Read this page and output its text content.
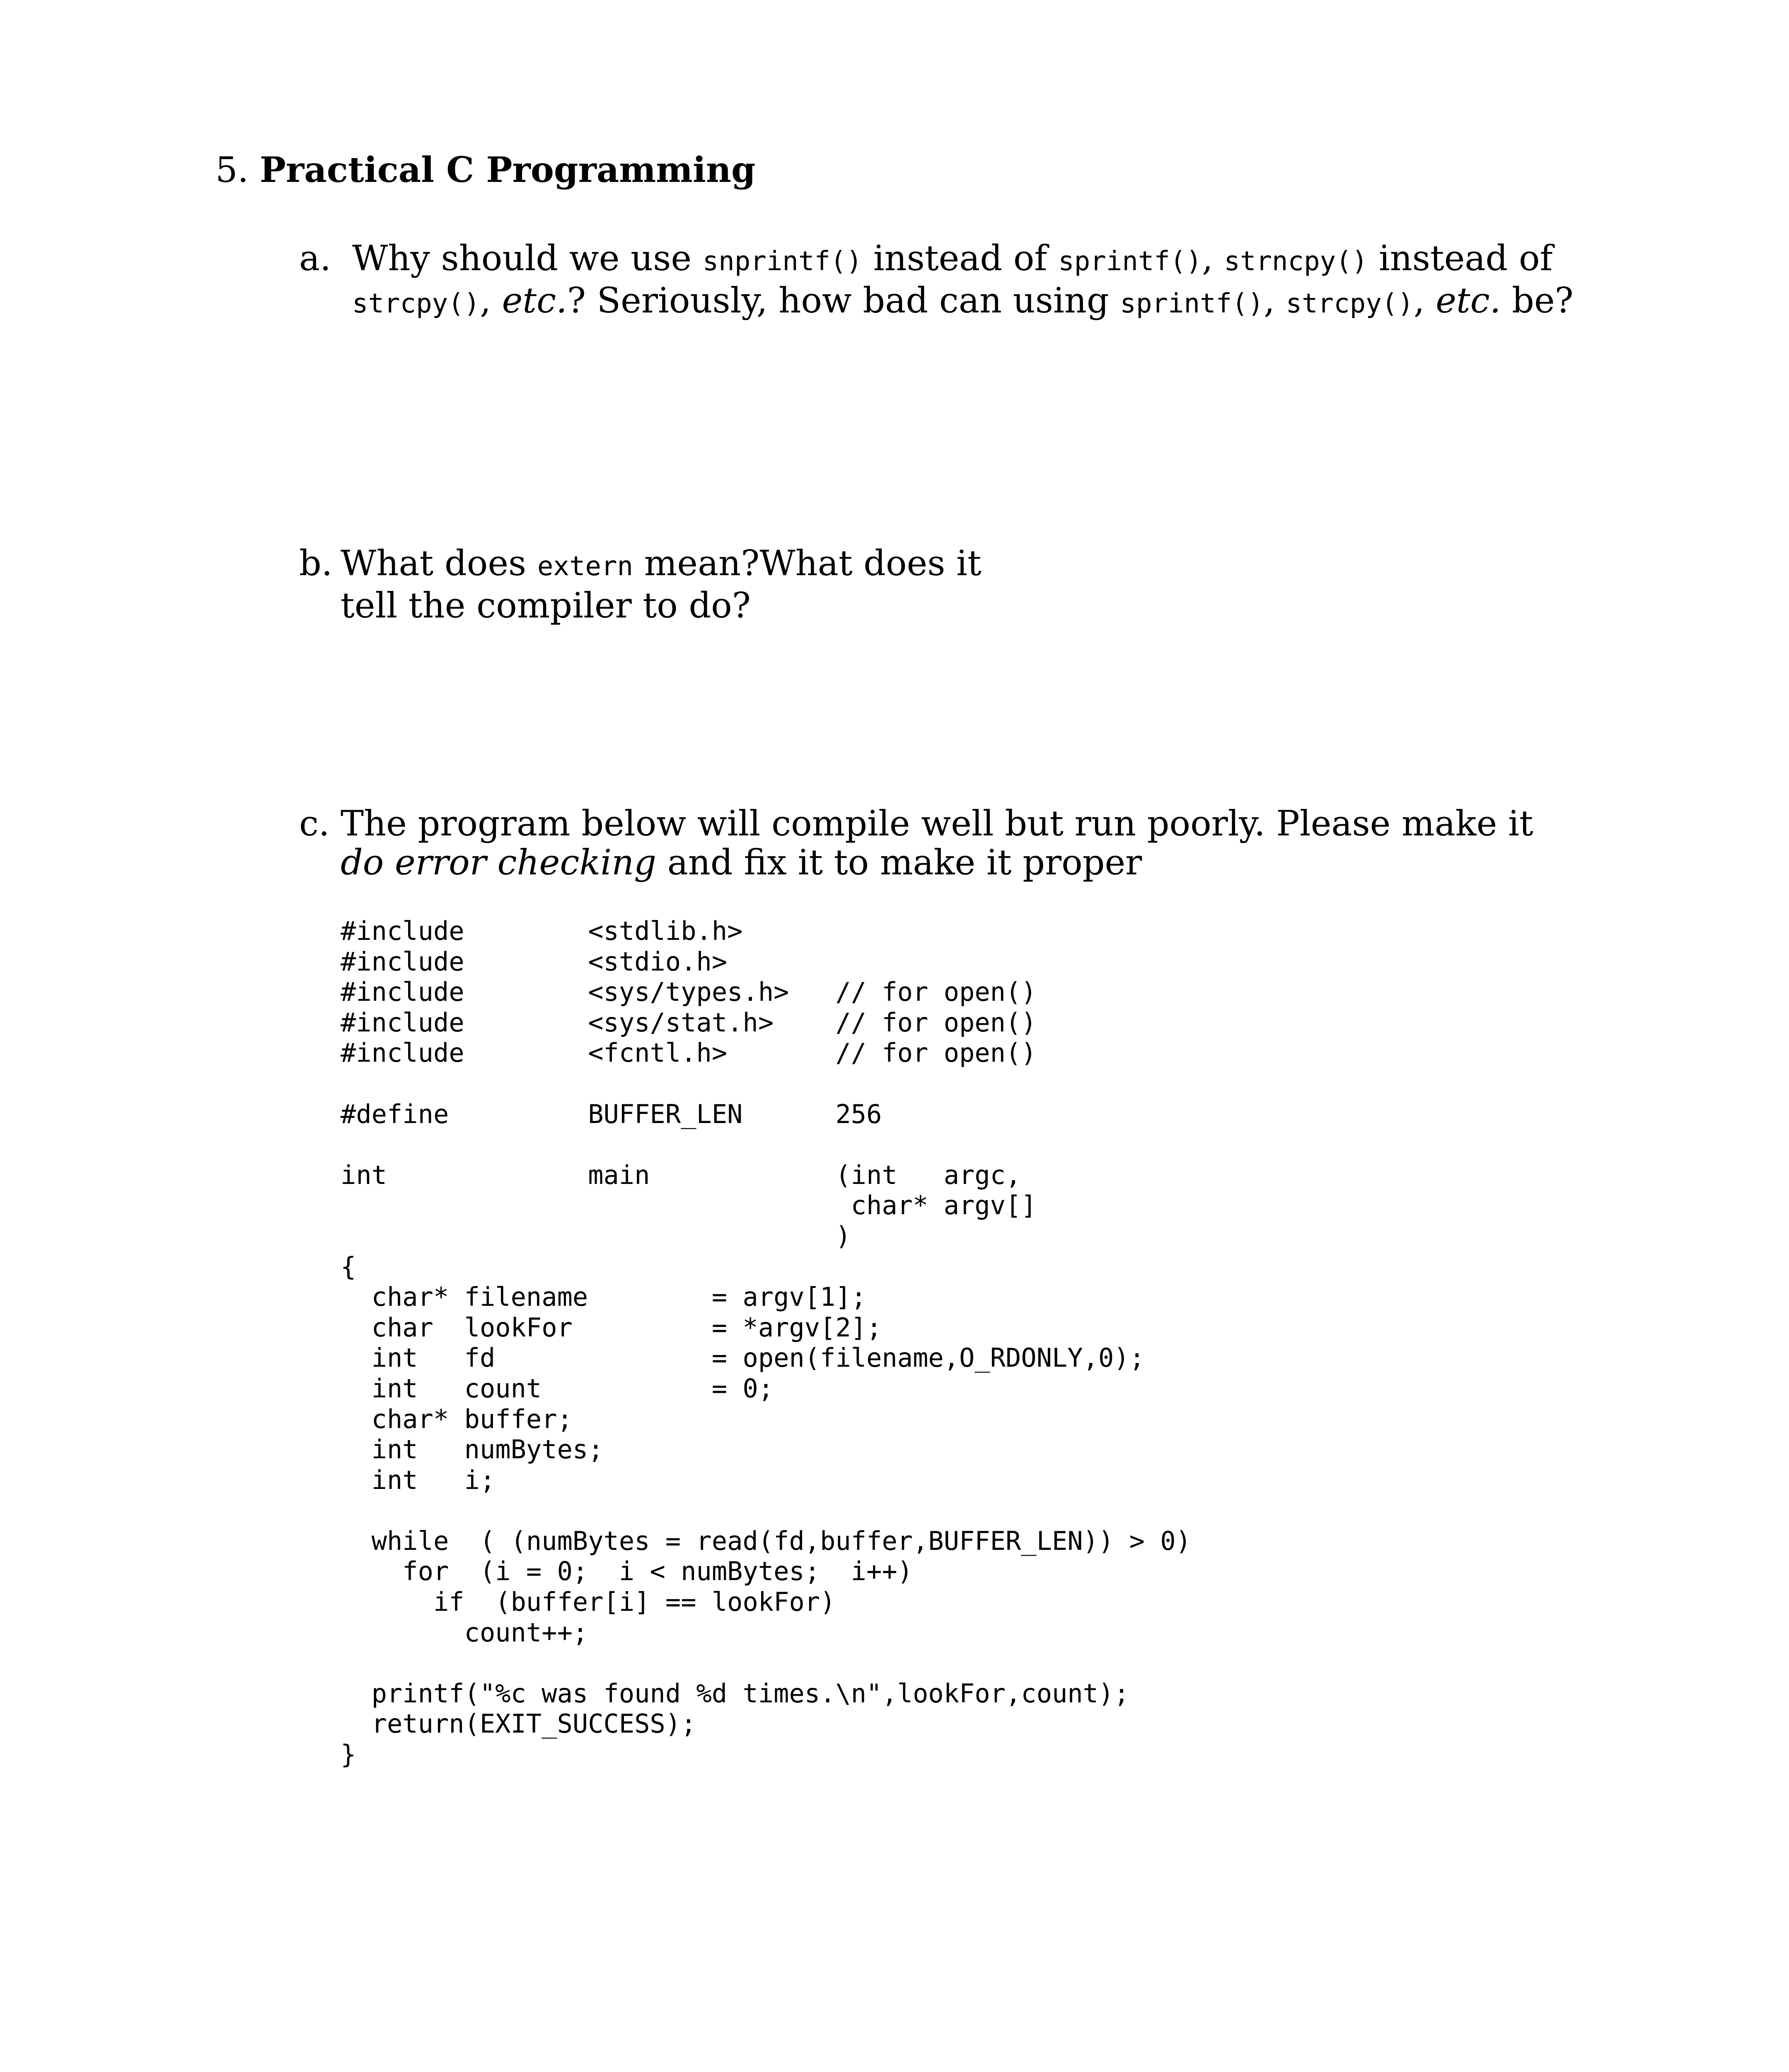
5. Practical C Programming
a. Why should we use snprintf() instead of sprintf(), strncpy() instead of
strcpy(), etc.? Seriously, how bad can using sprintf(), strcpy(), etc. be?
b. What does extern mean?What does it
tell the compiler to do?
c. The program below will compile well but run poorly. Please make it
do error checking and fix it to make it proper
#include        <stdlib.h>
#include        <stdio.h>
#include        <sys/types.h>   // for open()
#include        <sys/stat.h>    // for open()
#include        <fcntl.h>       // for open()
#define         BUFFER_LEN      256
int             main            (int   argc,
char* argv[]
)
{
char* filename        = argv[1];
char  lookFor         = *argv[2];
int   fd              = open(filename,O_RDONLY,0);
int   count           = 0;
char* buffer;
int   numBytes;
int   i;
while  ( (numBytes = read(fd,buffer,BUFFER_LEN)) > 0)
for  (i = 0;  i < numBytes;  i++)
if  (buffer[i] == lookFor)
count++;
printf("%c was found %d times.\n",lookFor,count);
return(EXIT_SUCCESS);
}
